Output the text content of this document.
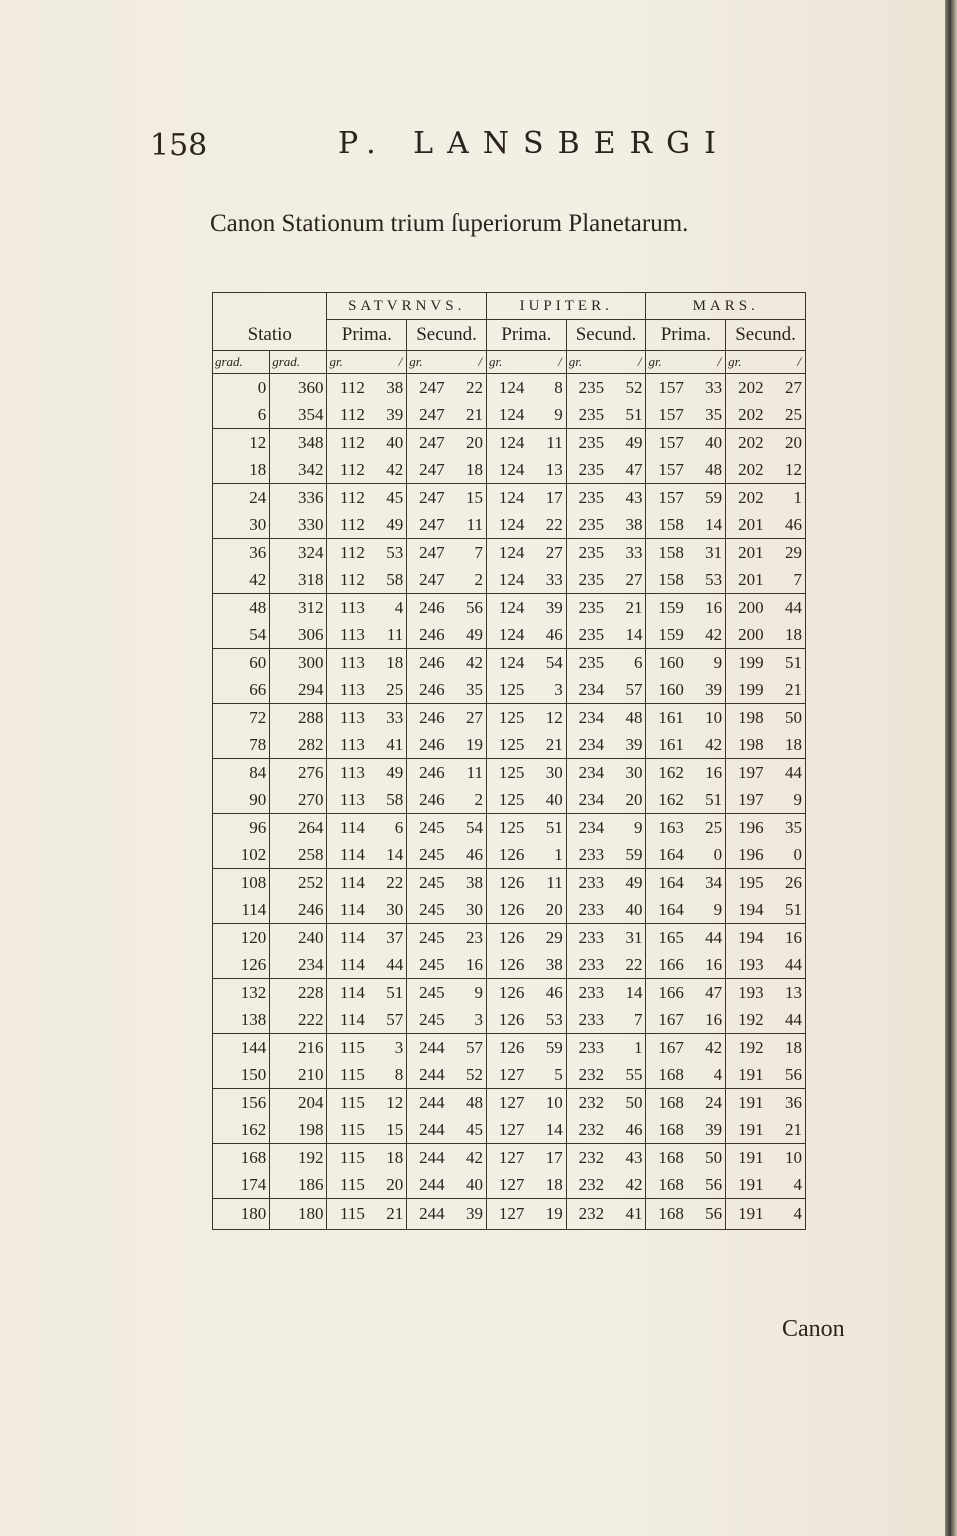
158	P. LANSBERGI
Canon Stationum trium ſuperiorum Planetarum.
		SATVRNVS.				IUPITER.				MARS.			
Statio		Prima.		Secund.		Prima.		Secund.		Prima.		Secund.	
grad.	grad.	gr.	/	gr.	/	gr.	/	gr.	/	gr.	/	gr.	/
0	360	112	38	247	22	124	8	235	52	157	33	202	27
6	354	112	39	247	21	124	9	235	51	157	35	202	25
12	348	112	40	247	20	124	11	235	49	157	40	202	20
18	342	112	42	247	18	124	13	235	47	157	48	202	12
24	336	112	45	247	15	124	17	235	43	157	59	202	1
30	330	112	49	247	11	124	22	235	38	158	14	201	46
36	324	112	53	247	7	124	27	235	33	158	31	201	29
42	318	112	58	247	2	124	33	235	27	158	53	201	7
48	312	113	4	246	56	124	39	235	21	159	16	200	44
54	306	113	11	246	49	124	46	235	14	159	42	200	18
60	300	113	18	246	42	124	54	235	6	160	9	199	51
66	294	113	25	246	35	125	3	234	57	160	39	199	21
72	288	113	33	246	27	125	12	234	48	161	10	198	50
78	282	113	41	246	19	125	21	234	39	161	42	198	18
84	276	113	49	246	11	125	30	234	30	162	16	197	44
90	270	113	58	246	2	125	40	234	20	162	51	197	9
96	264	114	6	245	54	125	51	234	9	163	25	196	35
102	258	114	14	245	46	126	1	233	59	164	0	196	0
108	252	114	22	245	38	126	11	233	49	164	34	195	26
114	246	114	30	245	30	126	20	233	40	164	9	194	51
120	240	114	37	245	23	126	29	233	31	165	44	194	16
126	234	114	44	245	16	126	38	233	22	166	16	193	44
132	228	114	51	245	9	126	46	233	14	166	47	193	13
138	222	114	57	245	3	126	53	233	7	167	16	192	44
144	216	115	3	244	57	126	59	233	1	167	42	192	18
150	210	115	8	244	52	127	5	232	55	168	4	191	56
156	204	115	12	244	48	127	10	232	50	168	24	191	36
162	198	115	15	244	45	127	14	232	46	168	39	191	21
168	192	115	18	244	42	127	17	232	43	168	50	191	10
174	186	115	20	244	40	127	18	232	42	168	56	191	4
180	180	115	21	244	39	127	19	232	41	168	56	191	4
Canon
